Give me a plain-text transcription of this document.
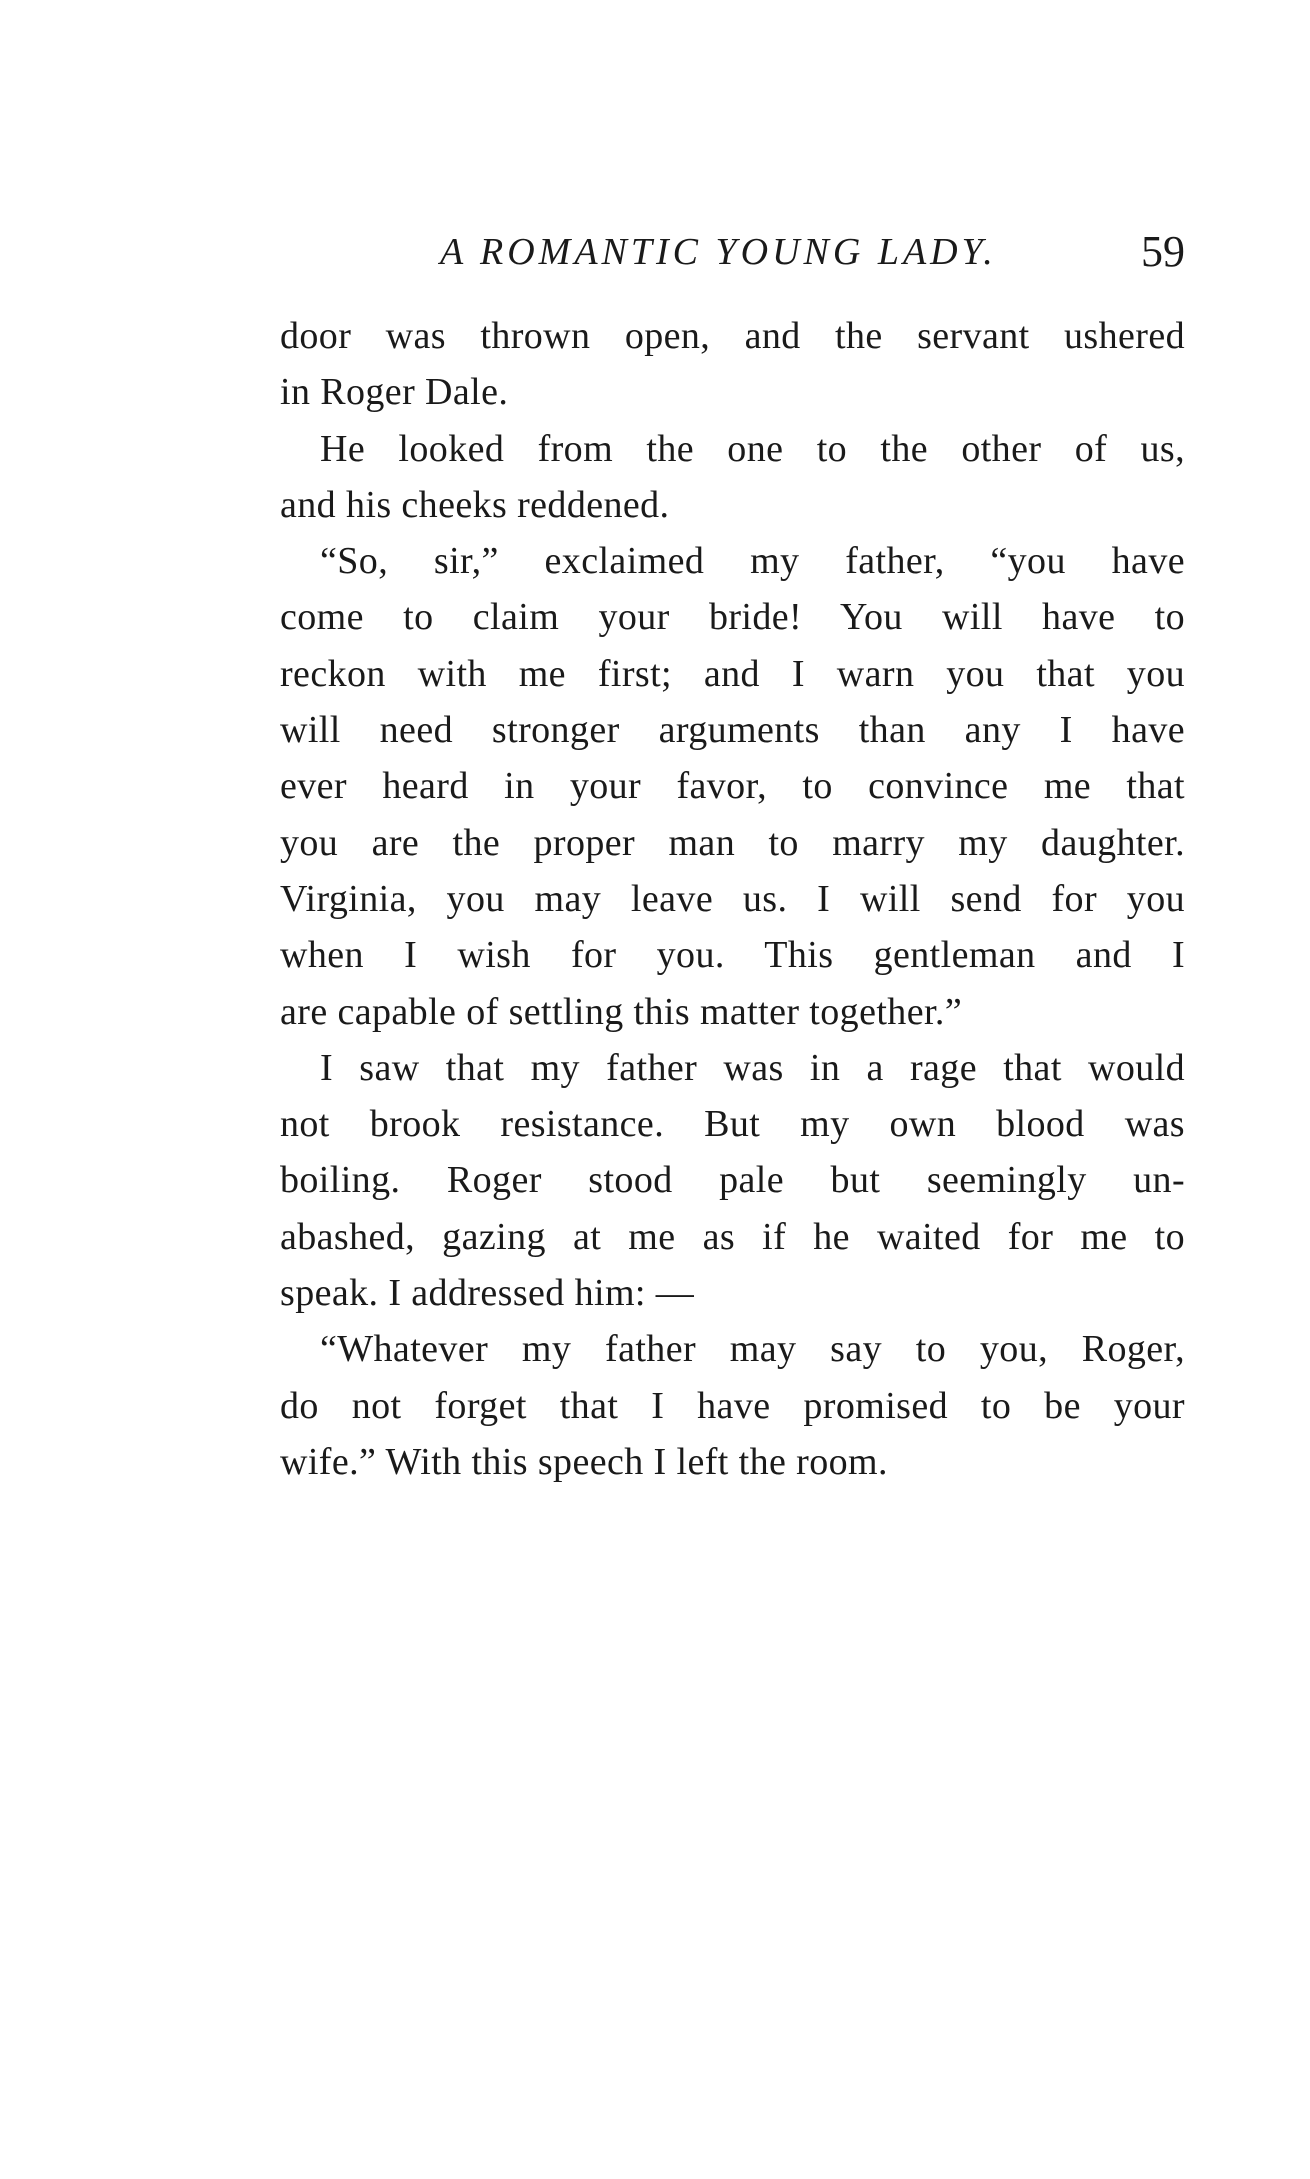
A ROMANTIC YOUNG LADY.	59
door was thrown open, and the servant ushered
in Roger Dale.
He looked from the one to the other of us,
and his cheeks reddened.
“So, sir,” exclaimed my father, “you have
come to claim your bride! You will have to
reckon with me first; and I warn you that you
will need stronger arguments than any I have
ever heard in your favor, to convince me that
you are the proper man to marry my daughter.
Virginia, you may leave us. I will send for you
when I wish for you. This gentleman and I
are capable of settling this matter together.”
I saw that my father was in a rage that would
not brook resistance. But my own blood was
boiling. Roger stood pale but seemingly un-
abashed, gazing at me as if he waited for me to
speak. I addressed him: —
“Whatever my father may say to you, Roger,
do not forget that I have promised to be your
wife.” With this speech I left the room.
